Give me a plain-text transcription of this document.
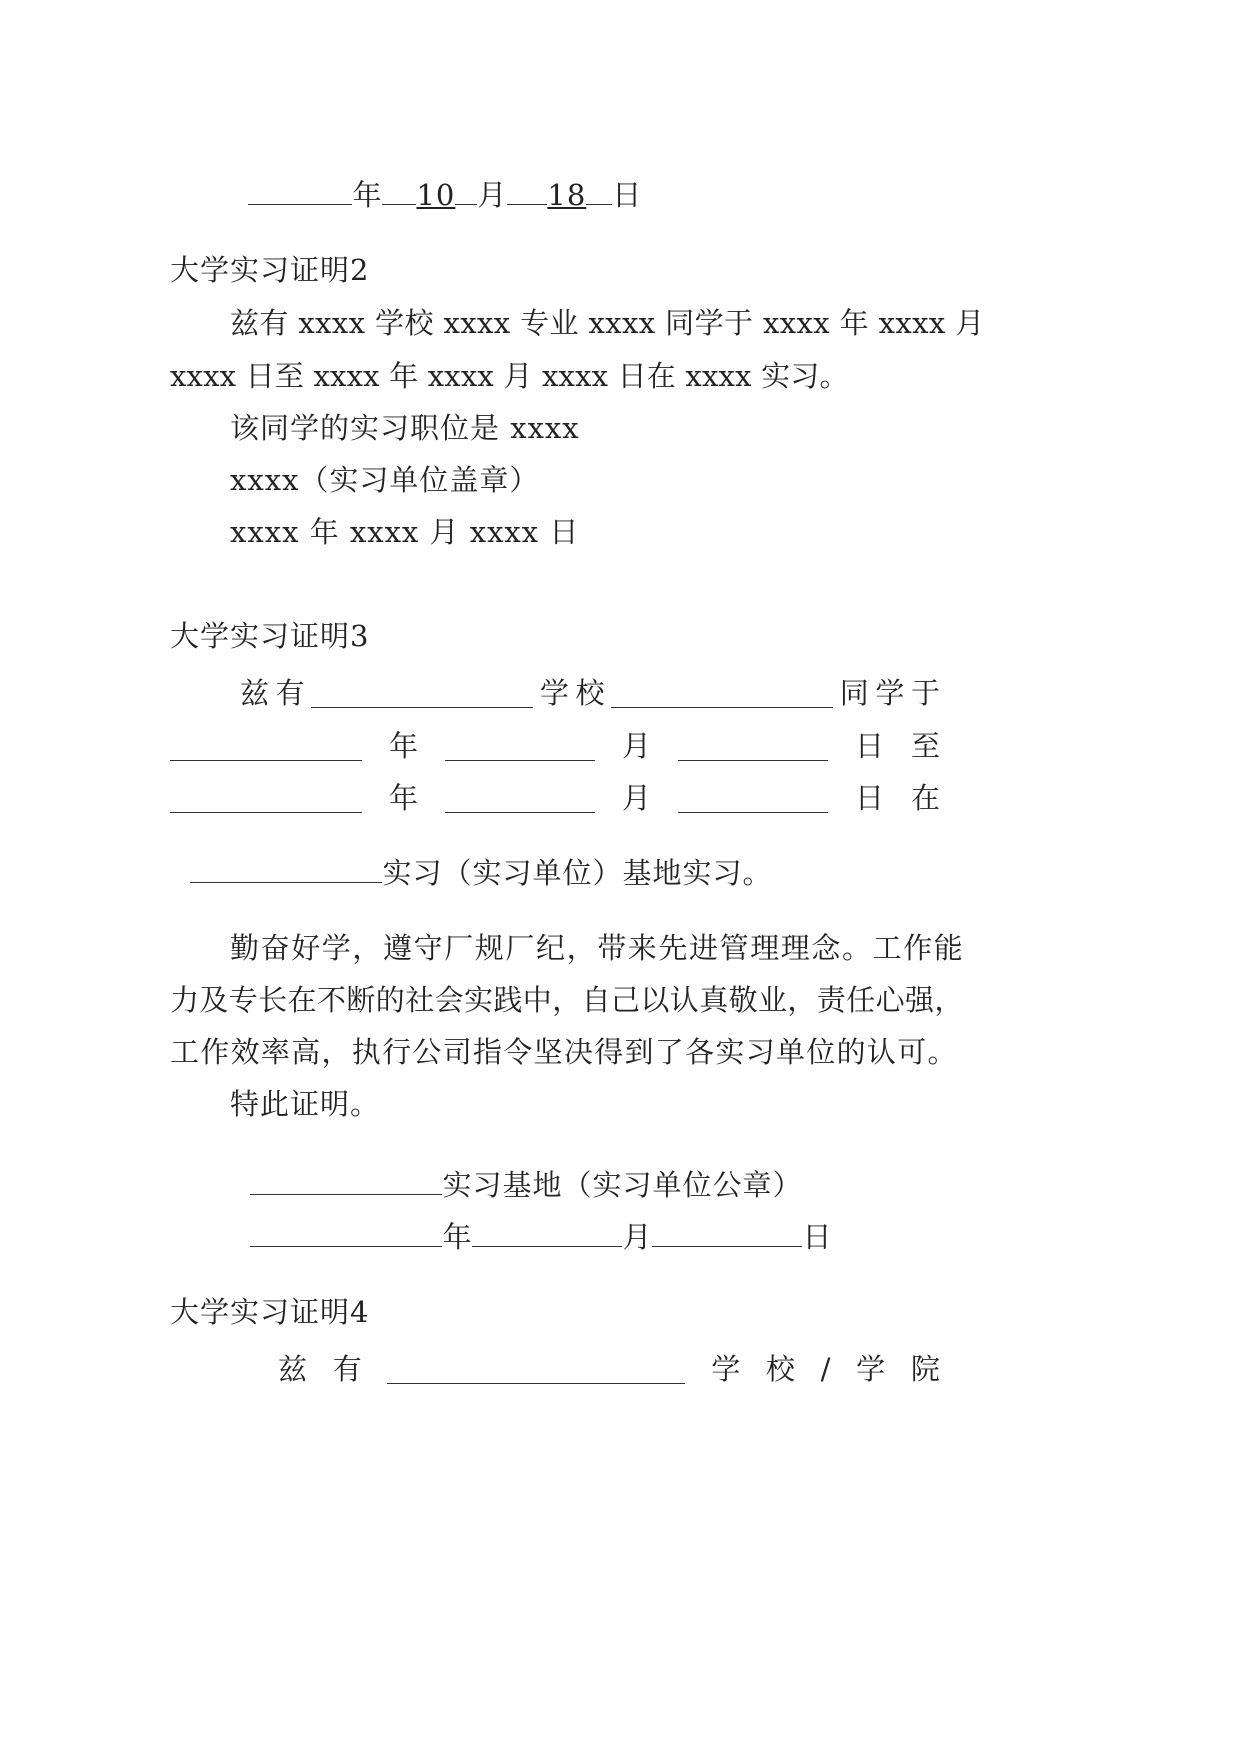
年 10 月 18 日

大学实习证明2
兹有 xxxx 学校 xxxx 专业 xxxx 同学于 xxxx 年 xxxx 月
xxxx 日至 xxxx 年 xxxx 月 xxxx 日在 xxxx 实习。
该同学的实习职位是 xxxx
xxxx（实习单位盖章）
xxxx 年 xxxx 月 xxxx 日
大学实习证明3
兹 有	学 校	同 学 于
年	月	日 至
年	月	日 在

实习（实习单位）基地实习。

勤奋好学，遵守厂规厂纪，带来先进管理理念。工作能
力及专长在不断的社会实践中，自己以认真敬业，责任心强，
工作效率高，执行公司指令坚决得到了各实习单位的认可。
特此证明。

实习基地（实习单位公章）

年	月	日

大学实习证明4
兹 有	学 校 / 学 院
